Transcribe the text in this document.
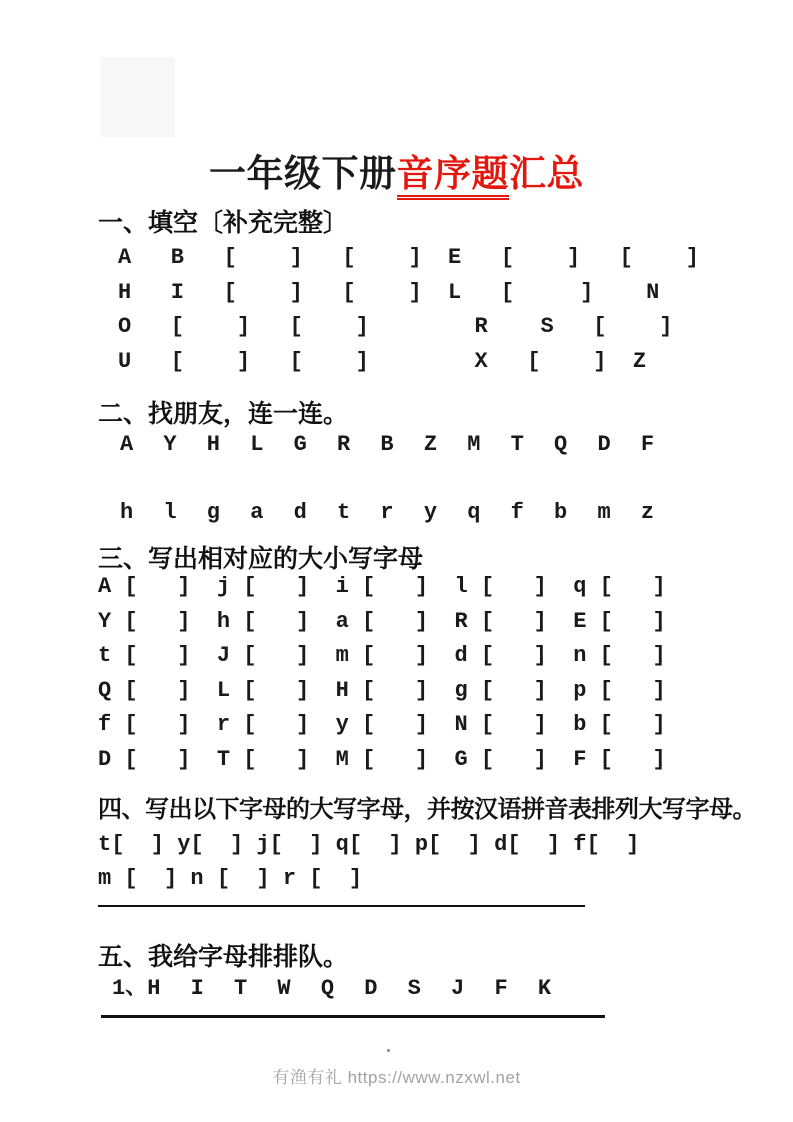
一年级下册音序题汇总
一、填空〔补充完整〕
A   B   [    ]   [    ]  E   [    ]   [    ]
H   I   [    ]   [    ]  L   [     ]    N
O   [    ]   [    ]        R    S   [    ]
U   [    ]   [    ]        X   [    ]  Z
二、找朋友，连一连。
A Y H L G R B Z M T Q D F
h l g a d t r y q f b m z
三、写出相对应的大小写字母
A [   ]  j [   ]  i [   ]  l [   ]  q [   ]
Y [   ]  h [   ]  a [   ]  R [   ]  E [   ]
t [   ]  J [   ]  m [   ]  d [   ]  n [   ]
Q [   ]  L [   ]  H [   ]  g [   ]  p [   ]
f [   ]  r [   ]  y [   ]  N [   ]  b [   ]
D [   ]  T [   ]  M [   ]  G [   ]  F [   ]
四、写出以下字母的大写字母，并按汉语拼音表排列大写字母。
t[  ] y[  ] j[  ] q[  ] p[  ] d[  ] f[  ]
m [  ] n [  ] r [  ]
五、我给字母排排队。
1、H I T W Q D S J F K
有渔有礼 https://www.nzxwl.net
